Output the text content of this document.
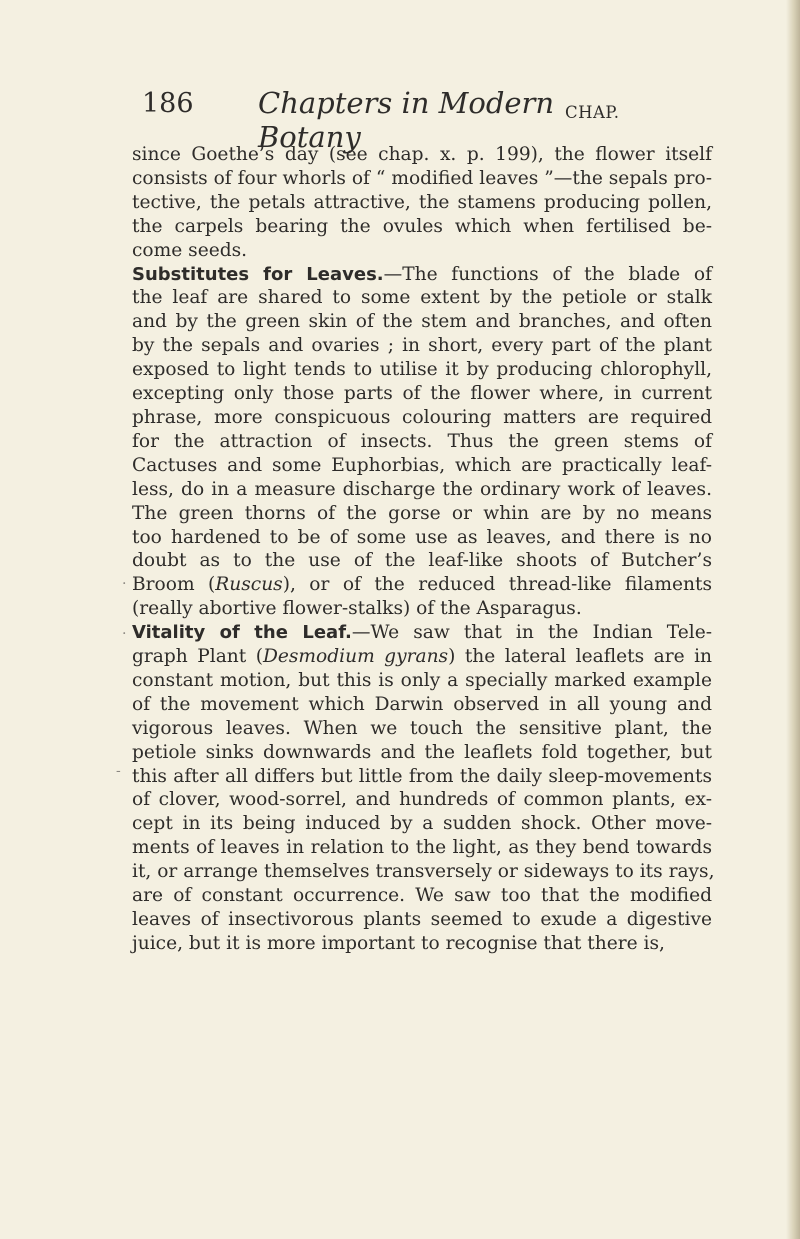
186 Chapters in Modern Botany
CHAP.
.
.
-
since Goethe’s day (see chap. x. p. 199), the flower itself
consists of four whorls of “ modified leaves ”—the sepals pro-
tective, the petals attractive, the stamens producing pollen,
the carpels bearing the ovules which when fertilised be-
come seeds.
Substitutes for Leaves.—The functions of the blade of
the leaf are shared to some extent by the petiole or stalk
and by the green skin of the stem and branches, and often
by the sepals and ovaries ; in short, every part of the plant
exposed to light tends to utilise it by producing chlorophyll,
excepting only those parts of the flower where, in current
phrase, more conspicuous colouring matters are required
for the attraction of insects. Thus the green stems of
Cactuses and some Euphorbias, which are practically leaf-
less, do in a measure discharge the ordinary work of leaves.
The green thorns of the gorse or whin are by no means
too hardened to be of some use as leaves, and there is no
doubt as to the use of the leaf-like shoots of Butcher’s
Broom (Ruscus), or of the reduced thread-like filaments
(really abortive flower-stalks) of the Asparagus.
Vitality of the Leaf.—We saw that in the Indian Tele-
graph Plant (Desmodium gyrans) the lateral leaflets are in
constant motion, but this is only a specially marked example
of the movement which Darwin observed in all young and
vigorous leaves. When we touch the sensitive plant, the
petiole sinks downwards and the leaflets fold together, but
this after all differs but little from the daily sleep-movements
of clover, wood-sorrel, and hundreds of common plants, ex-
cept in its being induced by a sudden shock. Other move-
ments of leaves in relation to the light, as they bend towards
it, or arrange themselves transversely or sideways to its rays,
are of constant occurrence. We saw too that the modified
leaves of insectivorous plants seemed to exude a digestive
juice, but it is more important to recognise that there is,
